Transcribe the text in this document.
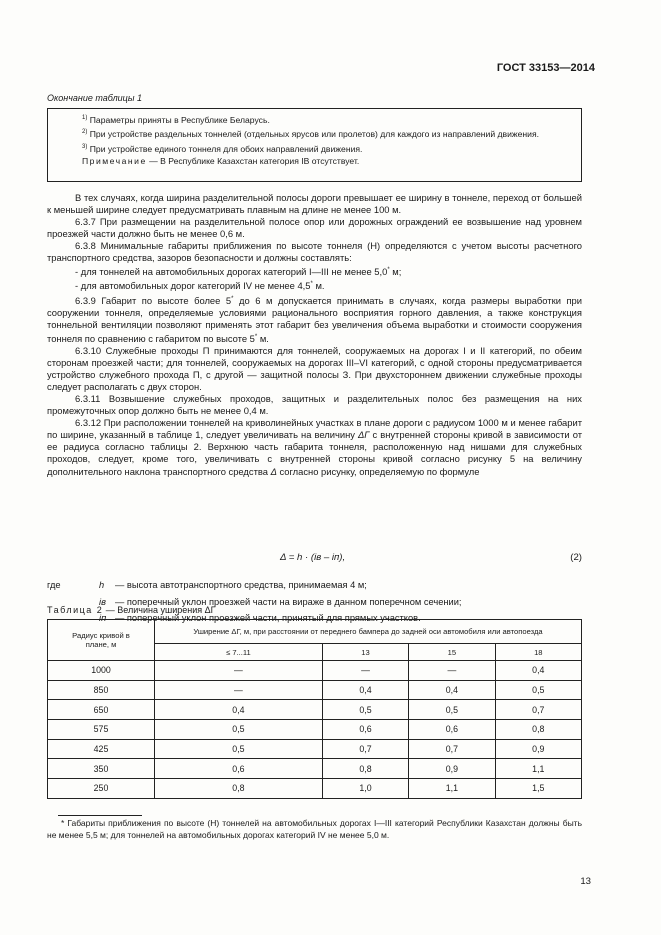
ГОСТ 33153—2014
Окончание таблицы 1

$^{1)}$ Параметры приняты в Республике Беларусь.

$^{2)}$ При устройстве раздельных тоннелей (отдельных ярусов или пролетов) для каждого из направлений движения.

$^{3)}$ При устройстве единого тоннеля для обоих направлений движения.

Примечание — В Республике Казахстан категория IВ отсутствует.

В тех случаях, когда ширина разделительной полосы дороги превышает ее ширину в тоннеле, переход от большей к меньшей ширине следует предусматривать плавным на длине не менее 100 м.

6.3.7 При размещении на разделительной полосе опор или дорожных ограждений ее возвышение над уровнем проезжей части должно быть не менее 0,6 м.

6.3.8 Минимальные габариты приближения по высоте тоннеля (Н) определяются с учетом высоты расчетного транспортного средства, зазоров безопасности и должны составлять:

- для тоннелей на автомобильных дорогах категорий I—III не менее 5,0* м;

- для автомобильных дорог категорий IV не менее 4,5* м.

6.3.9 Габарит по высоте более 5* до 6 м допускается принимать в случаях, когда размеры выработки при сооружении тоннеля, определяемые условиями рационального восприятия горного давления, а также конструкция тоннельной вентиляции позволяют применять этот габарит без увеличения объема выработки и стоимости сооружения тоннеля по сравнению с габаритом по высоте 5* м.

6.3.10 Служебные проходы П принимаются для тоннелей, сооружаемых на дорогах I и II категорий, по обеим сторонам проезжей части; для тоннелей, сооружаемых на дорогах III–VI категорий, с одной стороны предусматривается устройство служебного прохода П, с другой — защитной полосы З. При двухстороннем движении служебные проходы следует располагать с двух сторон.

6.3.11 Возвышение служебных проходов, защитных и разделительных полос без размещения на них промежуточных опор должно быть не менее 0,4 м.

6.3.12 При расположении тоннелей на криволинейных участках в плане дороги с радиусом 1000 м и менее габарит по ширине, указанный в таблице 1, следует увеличивать на величину ΔГ с внутренней стороны кривой в зависимости от ее радиуса согласно таблицы 2. Верхнюю часть габарита тоннеля, расположенную над нишами для служебных проходов, следует, кроме того, увеличивать с внутренней стороны кривой согласно рисунку 5 на величину дополнительного наклона транспортного средства Δ согласно рисунку, определяемую по формуле

Δ = h · (iв – iп),	(2)
где	h — высота автотранспортного средства, принимаемая 4 м;
iв — поперечный уклон проезжей части на вираже в данном поперечном сечении;
iп — поперечный уклон проезжей части, принятый для прямых участков.
Таблица 2 — Величина уширения ΔГ
Радиус кривой в плане, м	Уширение ΔГ, м, при расстоянии от переднего бампера до задней оси автомобиля или автопоезда			
	≤ 7...11	13	15	18
1000	—	—	—	0,4
850	—	0,4	0,4	0,5
650	0,4	0,5	0,5	0,7
575	0,5	0,6	0,6	0,8
425	0,5	0,7	0,7	0,9
350	0,6	0,8	0,9	1,1
250	0,8	1,0	1,1	1,5
* Габариты приближения по высоте (Н) тоннелей на автомобильных дорогах I—III категорий Республики Казахстан должны быть не менее 5,5 м; для тоннелей на автомобильных дорогах категорий IV не менее 5,0 м.
13
